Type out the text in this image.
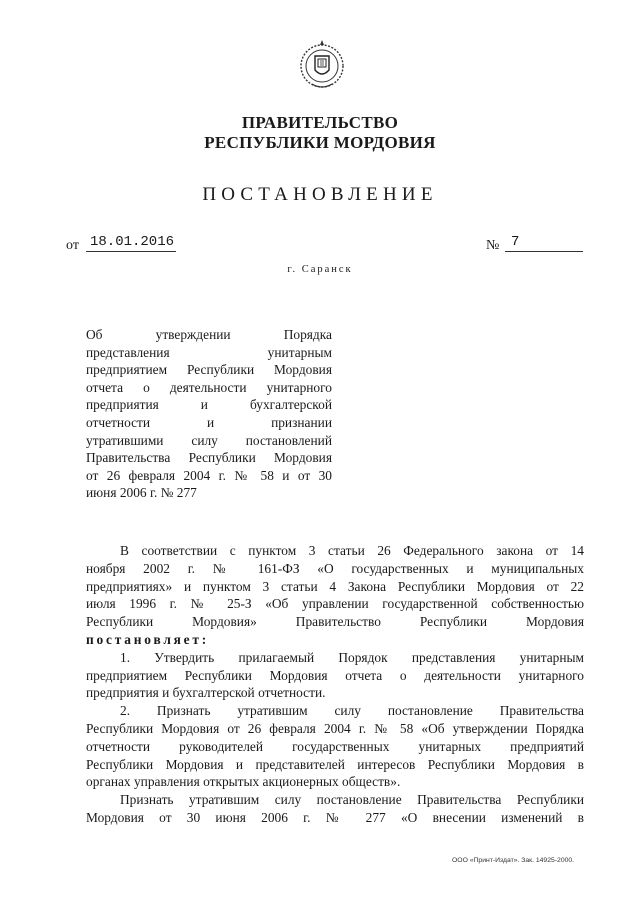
ПРАВИТЕЛЬСТВО
РЕСПУБЛИКИ МОРДОВИЯ
ПОСТАНОВЛЕНИЕ
от 18.01.2016	№ 7
г. Саранск
Об утверждении Порядка
представления унитарным
предприятием Республики Мордовия
отчета о деятельности унитарного
предприятия и бухгалтерской
отчетности и признании
утратившими силу постановлений
Правительства Республики Мордовия
от 26 февраля 2004 г. № 58 и от 30
июня 2006 г. № 277
В соответствии с пунктом 3 статьи 26 Федерального закона от 14
ноября 2002 г. № 161-ФЗ «О государственных и муниципальных
предприятиях» и пунктом 3 статьи 4 Закона Республики Мордовия от 22
июля 1996 г. № 25-З «Об управлении государственной собственностью
Республики Мордовия» Правительство Республики Мордовия
постановляет:
1. Утвердить прилагаемый Порядок представления унитарным
предприятием Республики Мордовия отчета о деятельности унитарного
предприятия и бухгалтерской отчетности.
2. Признать утратившим силу постановление Правительства
Республики Мордовия от 26 февраля 2004 г. № 58 «Об утверждении Порядка
отчетности руководителей государственных унитарных предприятий
Республики Мордовия и представителей интересов Республики Мордовия в
органах управления открытых акционерных обществ».
Признать утратившим силу постановление Правительства Республики
Мордовия от 30 июня 2006 г. № 277 «О внесении изменений в
ООО «Принт-Издат». Зак. 14925-2000.
